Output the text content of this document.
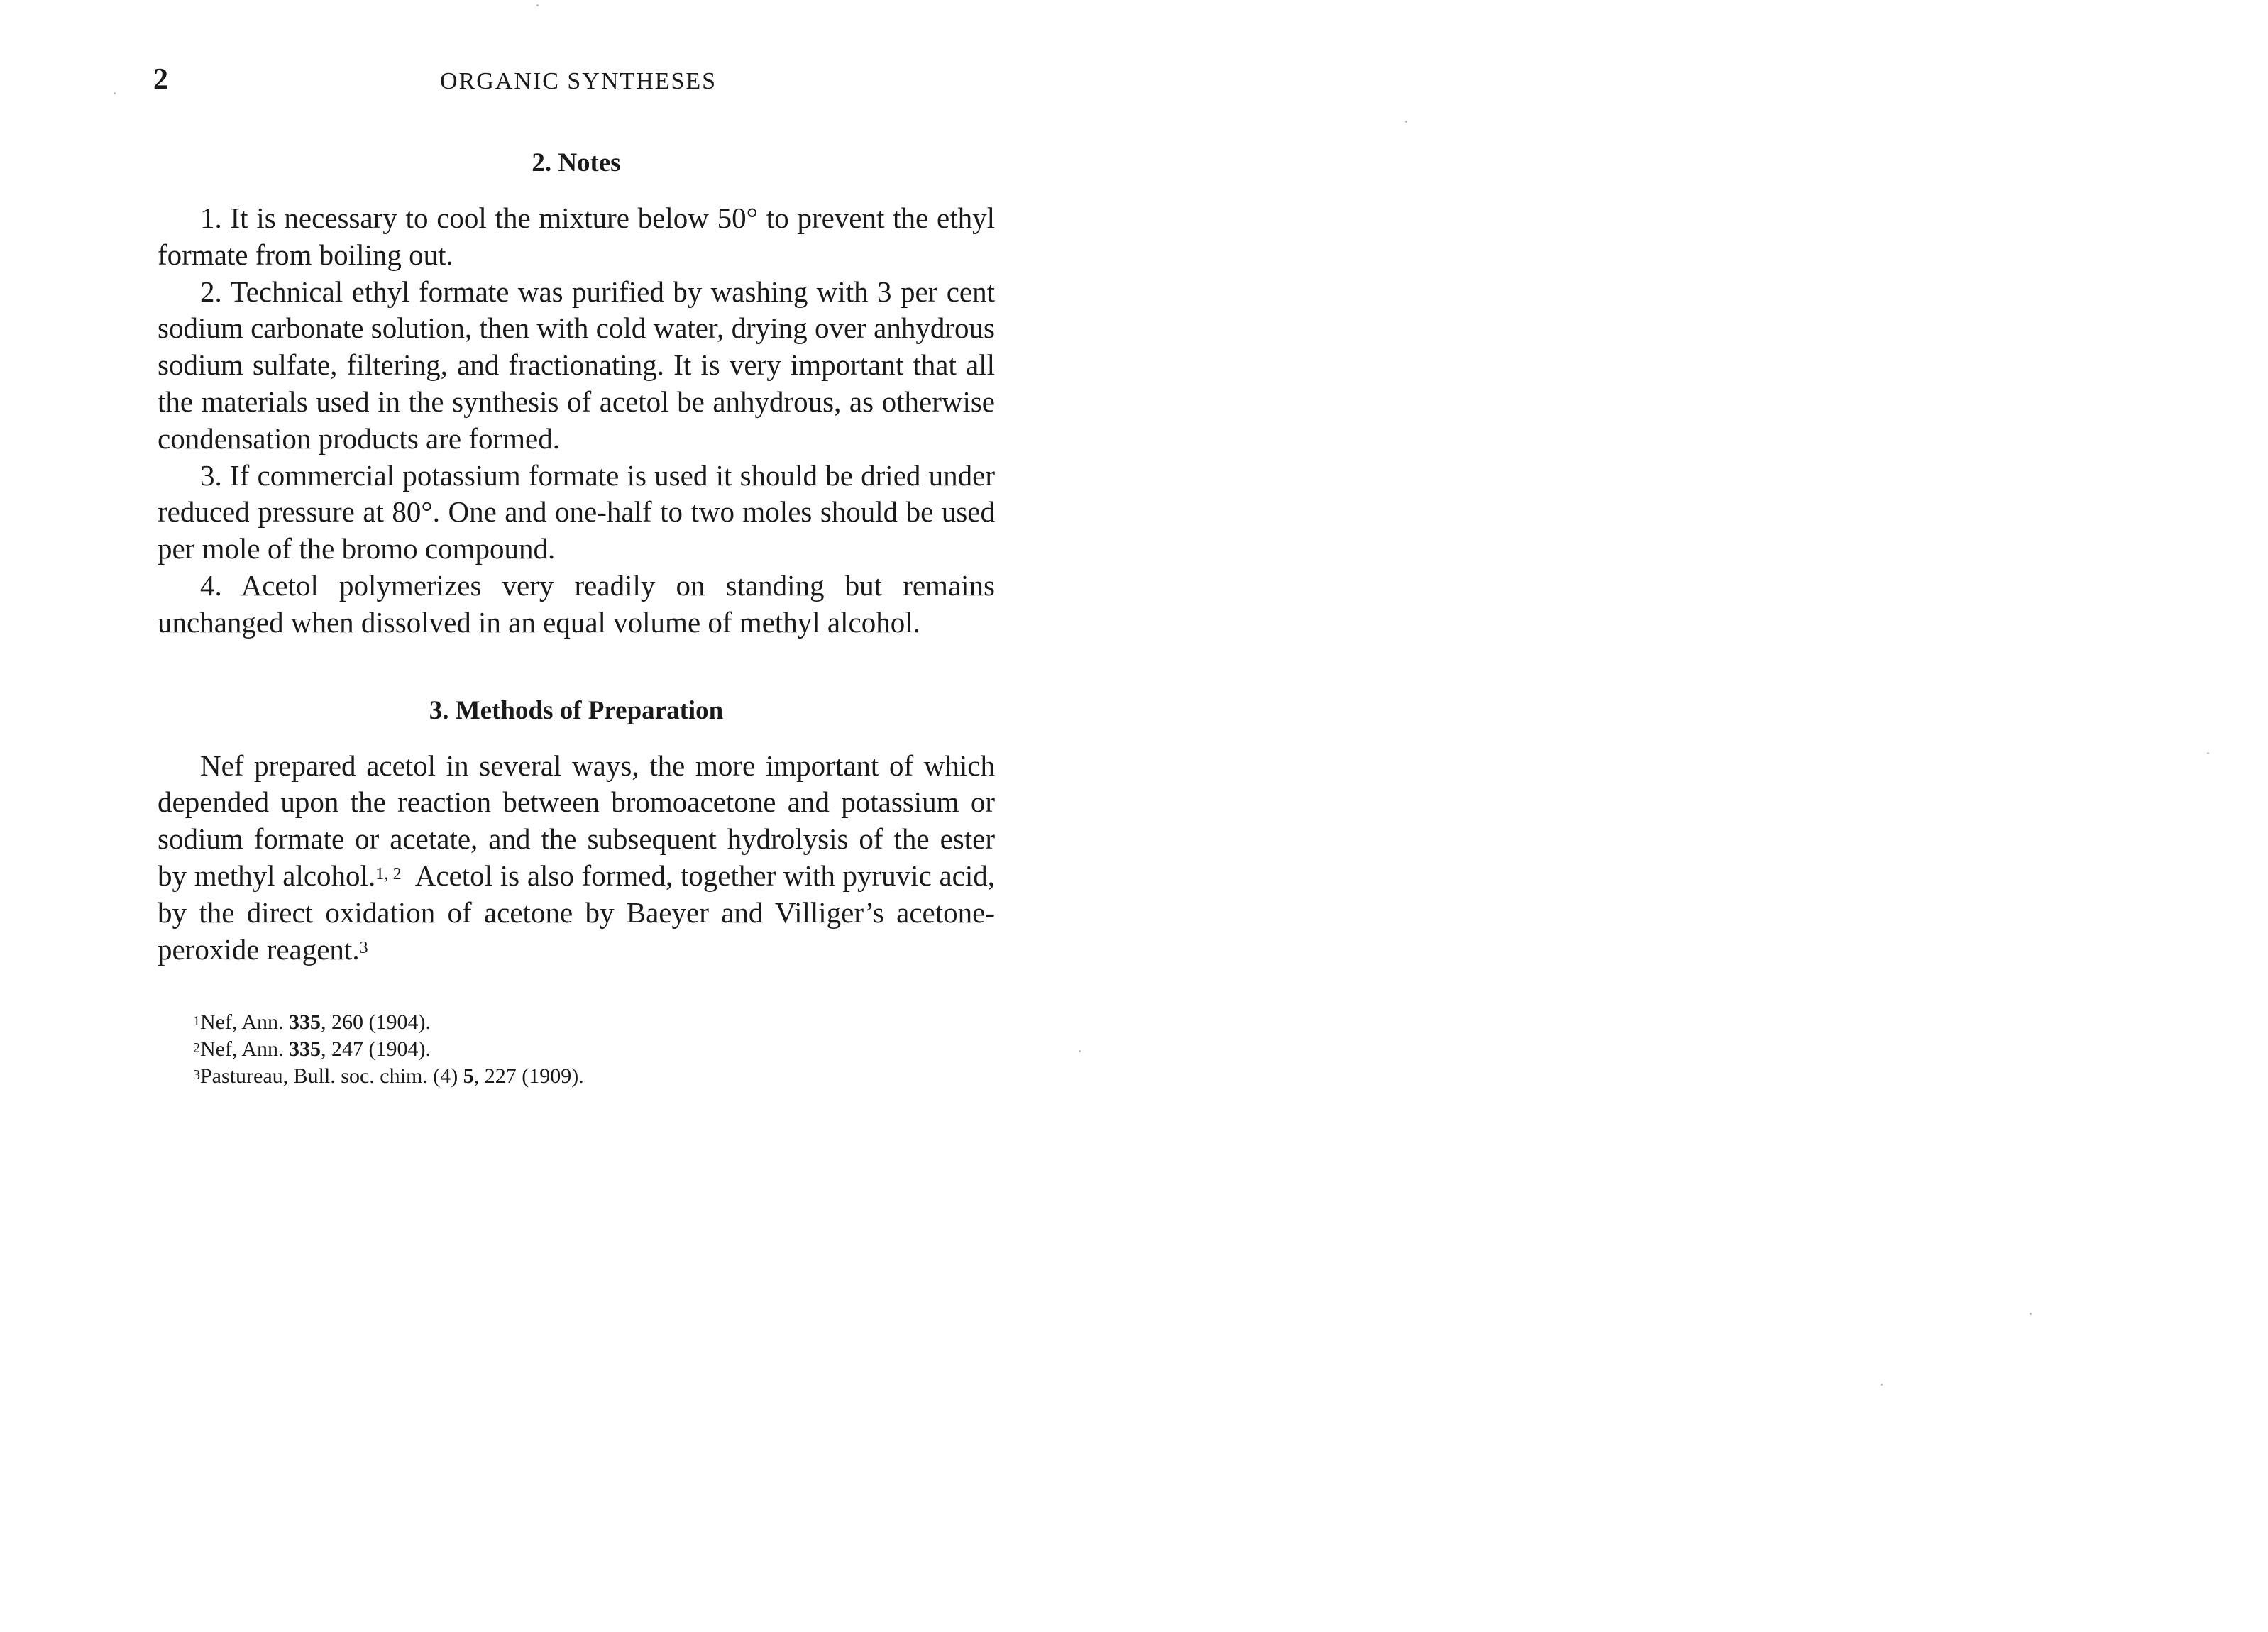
2	ORGANIC SYNTHESES
2. Notes

1. It is necessary to cool the mixture below 50° to prevent the ethyl formate from boiling out.

2. Technical ethyl formate was purified by washing with 3 per cent sodium carbonate solution, then with cold water, drying over anhydrous sodium sulfate, filtering, and fractionating. It is very important that all the materials used in the synthesis of acetol be anhydrous, as otherwise condensation products are formed.

3. If commercial potassium formate is used it should be dried under reduced pressure at 80°. One and one-half to two moles should be used per mole of the bromo compound.

4. Acetol polymerizes very readily on standing but remains unchanged when dissolved in an equal volume of methyl alcohol.

3. Methods of Preparation

Nef prepared acetol in several ways, the more important of which depended upon the reaction between bromoacetone and potassium or sodium formate or acetate, and the subsequent hydrolysis of the ester by methyl alcohol.$^{1, 2}$  Acetol is also formed, together with pyruvic acid, by the direct oxidation of acetone by Baeyer and Villiger’s acetone-peroxide reagent.$^3$

$^1$Nef, Ann. 335, 260 (1904).

$^2$Nef, Ann. 335, 247 (1904).

$^3$Pastureau, Bull. soc. chim. (4) 5, 227 (1909).
